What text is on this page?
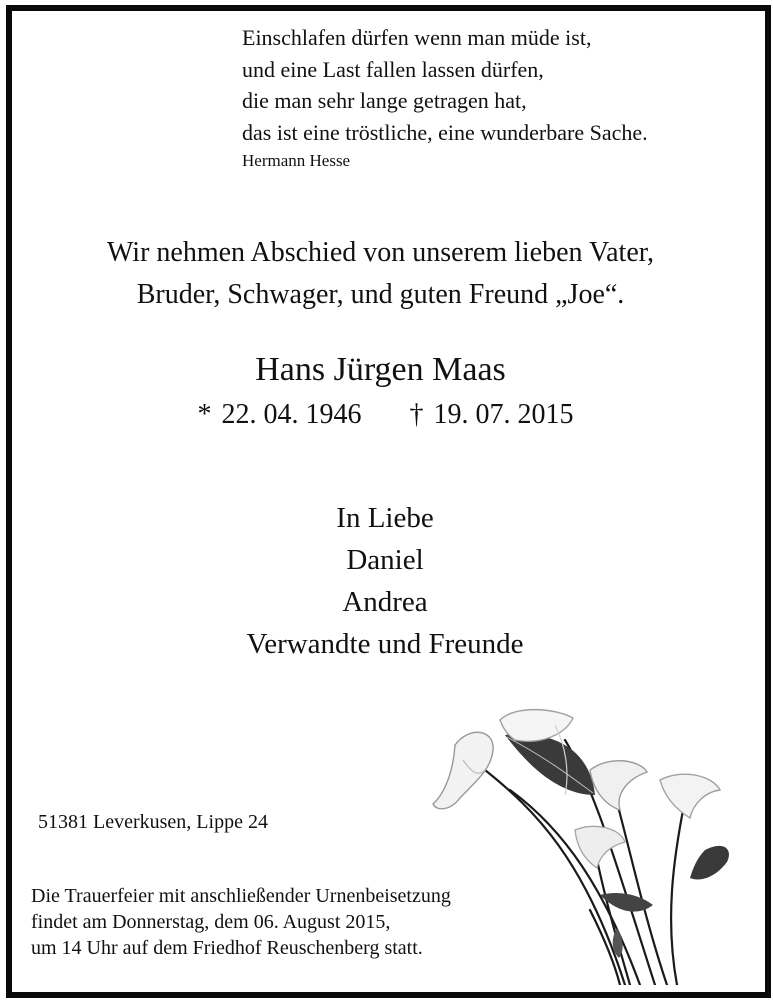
Einschlafen dürfen wenn man müde ist,
und eine Last fallen lassen dürfen,
die man sehr lange getragen hat,
das ist eine tröstliche, eine wunderbare Sache.
Hermann Hesse
Wir nehmen Abschied von unserem lieben Vater,
Bruder, Schwager, und guten Freund „Joe“.
Hans Jürgen Maas
* 22. 04. 1946 † 19. 07. 2015
In Liebe
Daniel
Andrea
Verwandte und Freunde
51381 Leverkusen, Lippe 24
Die Trauerfeier mit anschließender Urnenbeisetzung
findet am Donnerstag, dem 06. August 2015,
um 14 Uhr auf dem Friedhof Reuschenberg statt.
